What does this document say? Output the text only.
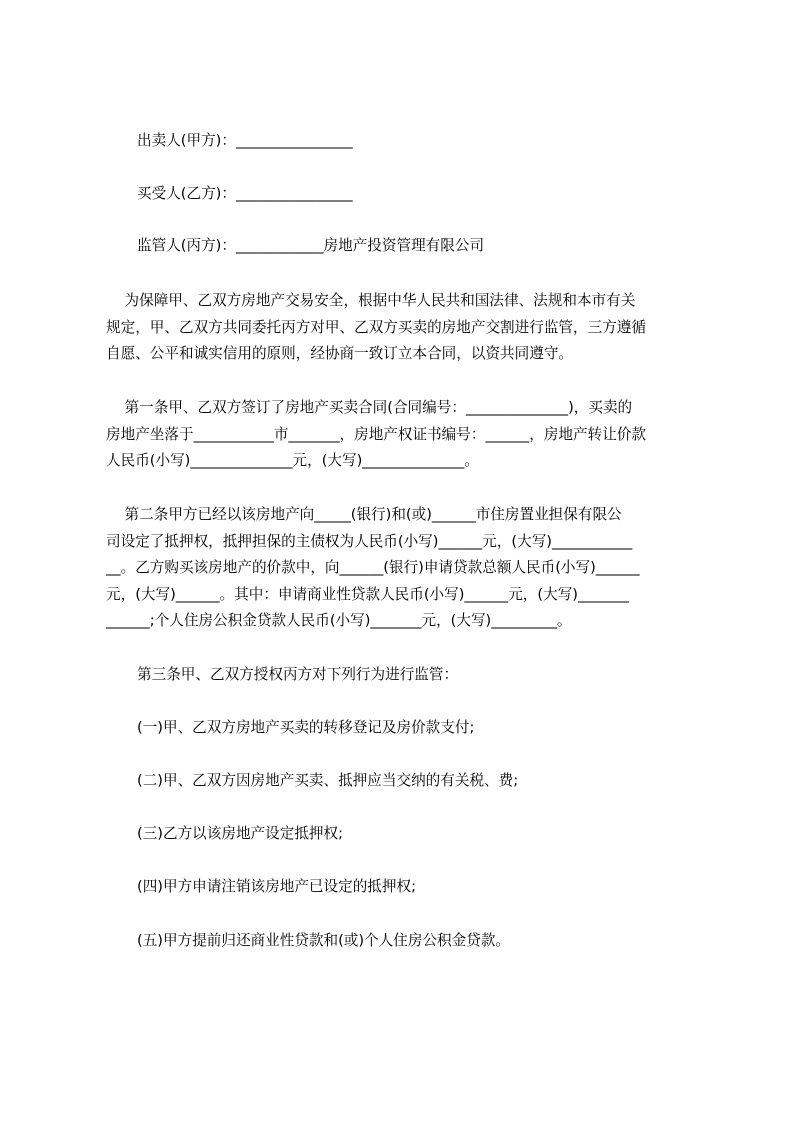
出卖人(甲方)：________________

买受人(乙方)：________________

监管人(丙方)：____________房地产投资管理有限公司

为保障甲、乙双方房地产交易安全，根据中华人民共和国法律、法规和本市有关

规定，甲、乙双方共同委托丙方对甲、乙双方买卖的房地产交割进行监管，三方遵循

自愿、公平和诚实信用的原则，经协商一致订立本合同，以资共同遵守。

第一条甲、乙双方签订了房地产买卖合同(合同编号：______________)，买卖的

房地产坐落于___________市_______，房地产权证书编号：______，房地产转让价款

人民币(小写)______________元，(大写)______________。

第二条甲方已经以该房地产向_____(银行)和(或)______市住房置业担保有限公

司设定了抵押权，抵押担保的主债权为人民币(小写)______元，(大写)___________

__。乙方购买该房地产的价款中，向______(银行)申请贷款总额人民币(小写)______

元，(大写)______。其中：申请商业性贷款人民币(小写)______元，(大写)_______

______;个人住房公积金贷款人民币(小写)_______元，(大写)_________。

第三条甲、乙双方授权丙方对下列行为进行监管：

(一)甲、乙双方房地产买卖的转移登记及房价款支付;

(二)甲、乙双方因房地产买卖、抵押应当交纳的有关税、费;

(三)乙方以该房地产设定抵押权;

(四)甲方申请注销该房地产已设定的抵押权;

(五)甲方提前归还商业性贷款和(或)个人住房公积金贷款。
